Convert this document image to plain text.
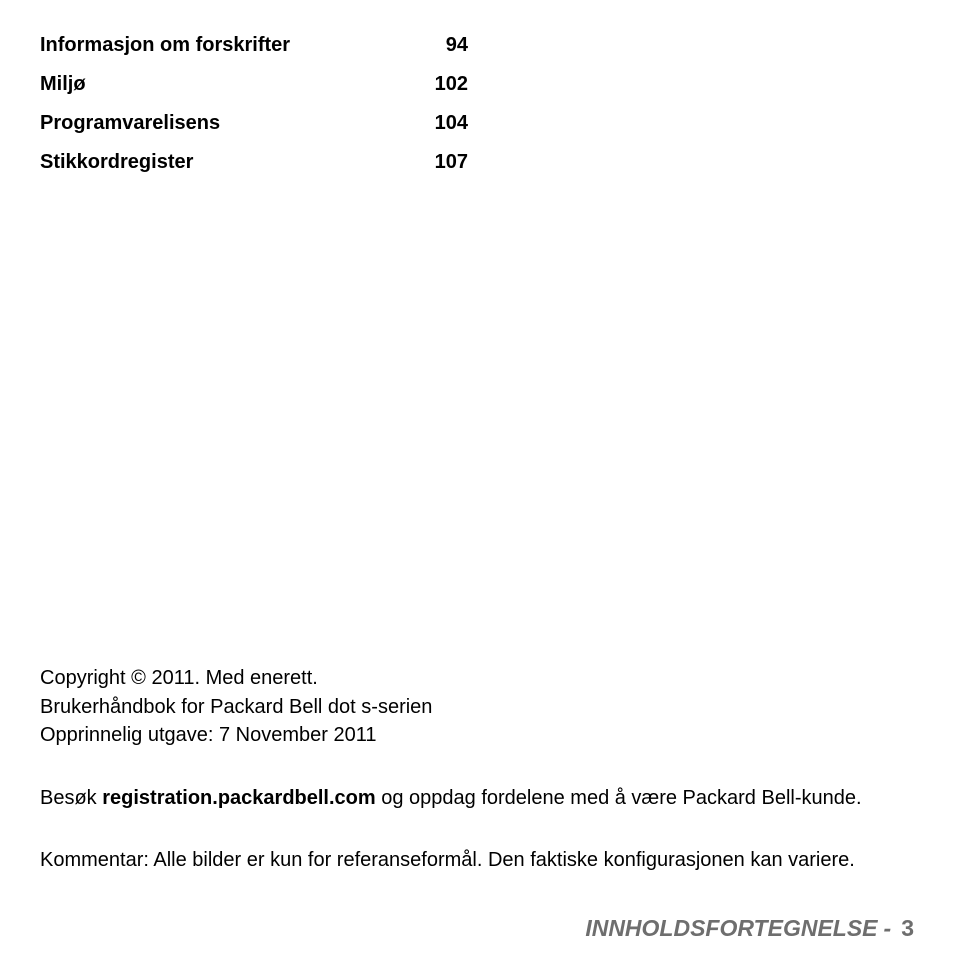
Informasjon om forskrifter	94
Miljø	102
Programvarelisens	104
Stikkordregister	107
Copyright © 2011. Med enerett.
Brukerhåndbok for Packard Bell dot s-serien
Opprinnelig utgave: 7 November 2011
Besøk registration.packardbell.com og oppdag fordelene med å være Packard Bell-kunde.
Kommentar: Alle bilder er kun for referanseformål. Den faktiske konfigurasjonen kan variere.
INNHOLDSFORTEGNELSE - 3
